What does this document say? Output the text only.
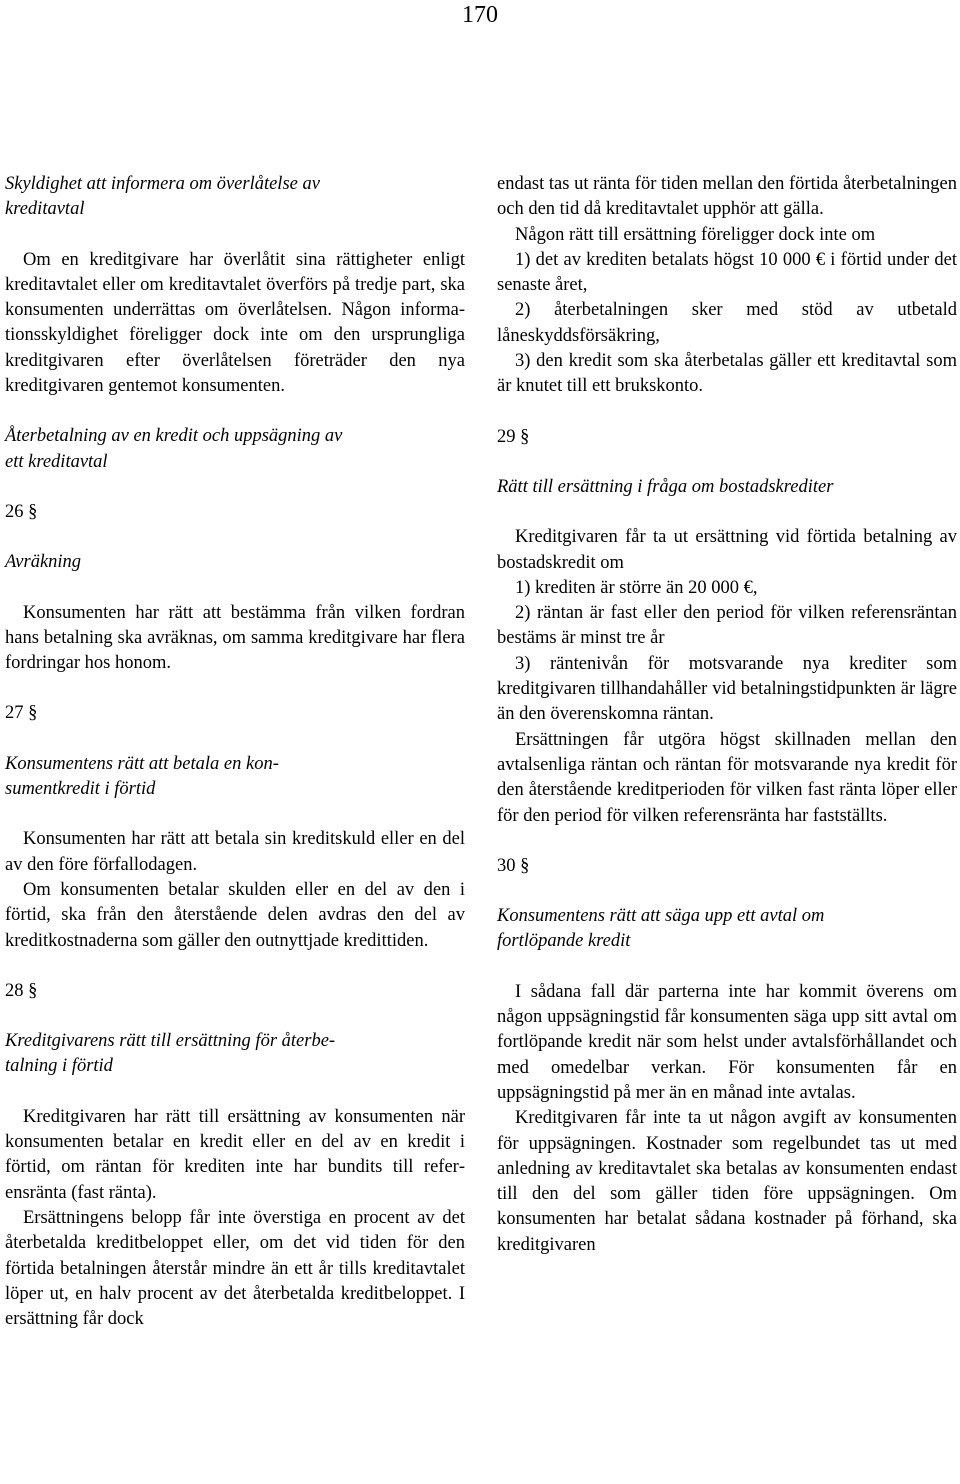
170

Skyldighet att informera om överlåtelse av
kreditavtal

Om en kreditgivare har överlåtit sina rättigheter enligt kreditavtalet eller om kreditavtalet överförs på tredje part, ska konsumenten underrättas om överlåtelsen. Någon informationsskyldighet föreligger dock inte om den ursprungliga kreditgivaren efter överlåtelsen företräder den nya kreditgivaren gentemot konsumenten.

Återbetalning av en kredit och uppsägning av
ett kreditavtal

26 §

Avräkning

Konsumenten har rätt att bestämma från vilken fordran hans betalning ska avräknas, om samma kreditgivare har flera fordringar hos honom.

27 §

Konsumentens rätt att betala en kon-
sumentkredit i förtid

Konsumenten har rätt att betala sin kreditskuld eller en del av den före förfallodagen.

Om konsumenten betalar skulden eller en del av den i förtid, ska från den återstående delen avdras den del av kreditkostnaderna som gäller den outnyttjade kredittiden.

28 §

Kreditgivarens rätt till ersättning för återbe-
talning i förtid

Kreditgivaren har rätt till ersättning av konsumenten när konsumenten betalar en kredit eller en del av en kredit i förtid, om räntan för krediten inte har bundits till referensränta (fast ränta).

Ersättningens belopp får inte överstiga en procent av det återbetalda kreditbeloppet eller, om det vid tiden för den förtida betalningen återstår mindre än ett år tills kreditavtalet löper ut, en halv procent av det återbetalda kreditbeloppet. I ersättning får dock

endast tas ut ränta för tiden mellan den förtida återbetalningen och den tid då kreditavtalet upphör att gälla.

Någon rätt till ersättning föreligger dock inte om

1) det av krediten betalats högst 10 000 € i förtid under det senaste året,

2) återbetalningen sker med stöd av utbetald låneskyddsförsäkring,

3) den kredit som ska återbetalas gäller ett kreditavtal som är knutet till ett brukskonto.

29 §

Rätt till ersättning i fråga om bostadskrediter

Kreditgivaren får ta ut ersättning vid förtida betalning av bostadskredit om

1) krediten är större än 20 000 €,

2) räntan är fast eller den period för vilken referensräntan bestäms är minst tre år

3) räntenivån för motsvarande nya krediter som kreditgivaren tillhandahåller vid betalningstidpunkten är lägre än den överenskomna räntan.

Ersättningen får utgöra högst skillnaden mellan den avtalsenliga räntan och räntan för motsvarande nya kredit för den återstående kreditperioden för vilken fast ränta löper eller för den period för vilken referensränta har fastställts.

30 §

Konsumentens rätt att säga upp ett avtal om
fortlöpande kredit

I sådana fall där parterna inte har kommit överens om någon uppsägningstid får konsumenten säga upp sitt avtal om fortlöpande kredit när som helst under avtalsförhållandet och med omedelbar verkan. För konsumenten får en uppsägningstid på mer än en månad inte avtalas.

Kreditgivaren får inte ta ut någon avgift av konsumenten för uppsägningen. Kostnader som regelbundet tas ut med anledning av kreditavtalet ska betalas av konsumenten endast till den del som gäller tiden före uppsägningen. Om konsumenten har betalat sådana kostnader på förhand, ska kreditgivaren
